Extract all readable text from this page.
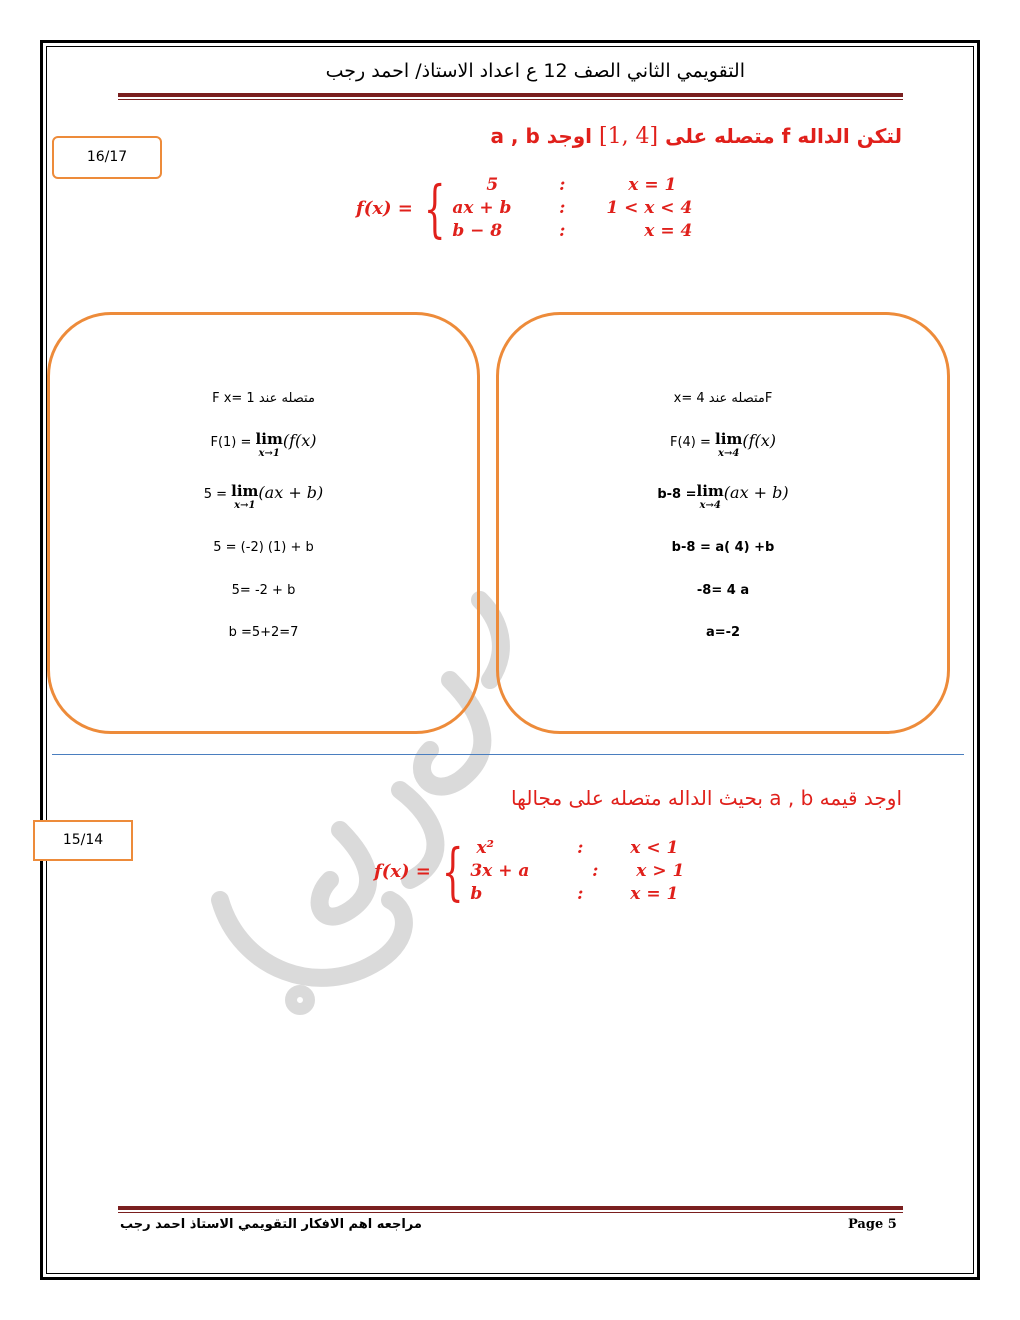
التقويمي الثاني الصف 12 ع اعداد الاستاذ/ احمد رجب
16/17
لتكن الداله f متصله على [1, 4] اوجد a , b
f(x) = {	5	:	x = 1
ax + b	:	1 < x < 4
b − 8	:	x = 4
متصله عند F x= 1
F(1) = lim
x→1
(f(x)
5 = lim
x→1
(ax + b)
5 = (-2) (1) + b
5= -2 + b
b =5+2=7
Fمتصله عند x= 4
F(4) = lim
x→4
(f(x)
b-8 = lim
x→4
(ax + b)
b-8 = a( 4) +b
-8= 4 a
a=-2
15/14
اوجد قيمه a , b بحيث الداله متصله على مجالها
f(x) = { x²	:	x < 1
3x + a	:	x > 1
b	:	x = 1
مراجعه اهم الافكار التقويمي الاستاذ احمد رجب	Page 5
